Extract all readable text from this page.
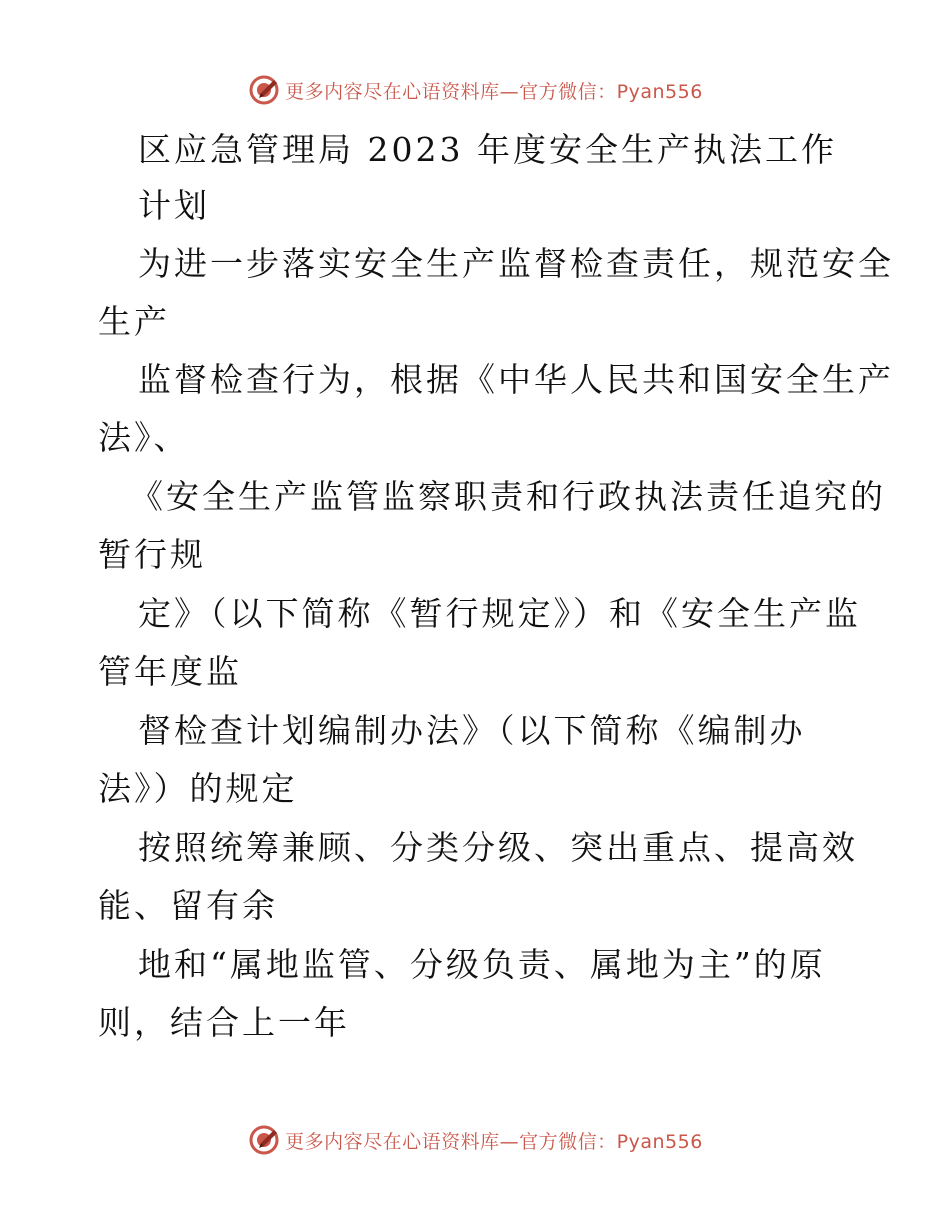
更多内容尽在心语资料库—官方微信：Pyan556
区应急管理局 2023 年度安全生产执法工作
计划
为进一步落实安全生产监督检查责任，规范安全
生产
监督检查行为，根据《中华人民共和国安全生产
法》、
《安全生产监管监察职责和行政执法责任追究的
暂行规
定》（以下简称《暂行规定》）和《安全生产监
管年度监
督检查计划编制办法》（以下简称《编制办
法》）的规定
按照统筹兼顾、分类分级、突出重点、提高效
能、留有余
地和“属地监管、分级负责、属地为主”的原
则，结合上一年
更多内容尽在心语资料库—官方微信：Pyan556
